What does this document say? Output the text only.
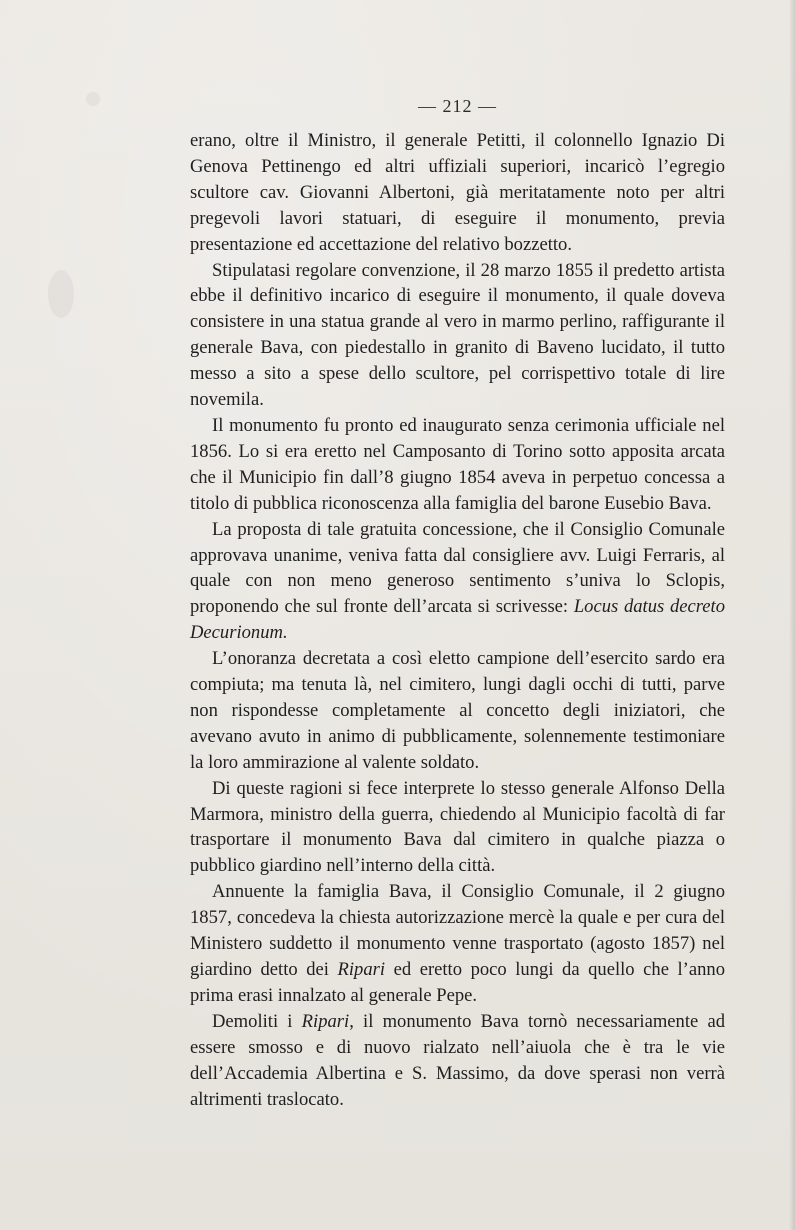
— 212 —

erano, oltre il Ministro, il generale Petitti, il colonnello Ignazio Di Genova Pettinengo ed altri uffiziali superiori, incaricò l’egregio scultore cav. Giovanni Albertoni, già meritatamente noto per altri pregevoli lavori statuari, di eseguire il monumento, previa presentazione ed accettazione del relativo bozzetto.

Stipulatasi regolare convenzione, il 28 marzo 1855 il predetto artista ebbe il definitivo incarico di eseguire il monumento, il quale doveva consistere in una statua grande al vero in marmo perlino, raffigurante il generale Bava, con piedestallo in granito di Baveno lucidato, il tutto messo a sito a spese dello scultore, pel corrispettivo totale di lire novemila.

Il monumento fu pronto ed inaugurato senza cerimonia ufficiale nel 1856. Lo si era eretto nel Camposanto di Torino sotto apposita arcata che il Municipio fin dall’8 giugno 1854 aveva in perpetuo concessa a titolo di pubblica riconoscenza alla famiglia del barone Eusebio Bava.

La proposta di tale gratuita concessione, che il Consiglio Comunale approvava unanime, veniva fatta dal consigliere avv. Luigi Ferraris, al quale con non meno generoso sentimento s’univa lo Sclopis, proponendo che sul fronte dell’arcata si scrivesse: Locus datus decreto Decurionum.

L’onoranza decretata a così eletto campione dell’esercito sardo era compiuta; ma tenuta là, nel cimitero, lungi dagli occhi di tutti, parve non rispondesse completamente al concetto degli iniziatori, che avevano avuto in animo di pubblicamente, solennemente testimoniare la loro ammirazione al valente soldato.

Di queste ragioni si fece interprete lo stesso generale Alfonso Della Marmora, ministro della guerra, chiedendo al Municipio facoltà di far trasportare il monumento Bava dal cimitero in qualche piazza o pubblico giardino nell’interno della città.

Annuente la famiglia Bava, il Consiglio Comunale, il 2 giugno 1857, concedeva la chiesta autorizzazione mercè la quale e per cura del Ministero suddetto il monumento venne trasportato (agosto 1857) nel giardino detto dei Ripari ed eretto poco lungi da quello che l’anno prima erasi innalzato al generale Pepe.

Demoliti i Ripari, il monumento Bava tornò necessariamente ad essere smosso e di nuovo rialzato nell’aiuola che è tra le vie dell’Accademia Albertina e S. Massimo, da dove sperasi non verrà altrimenti traslocato.
